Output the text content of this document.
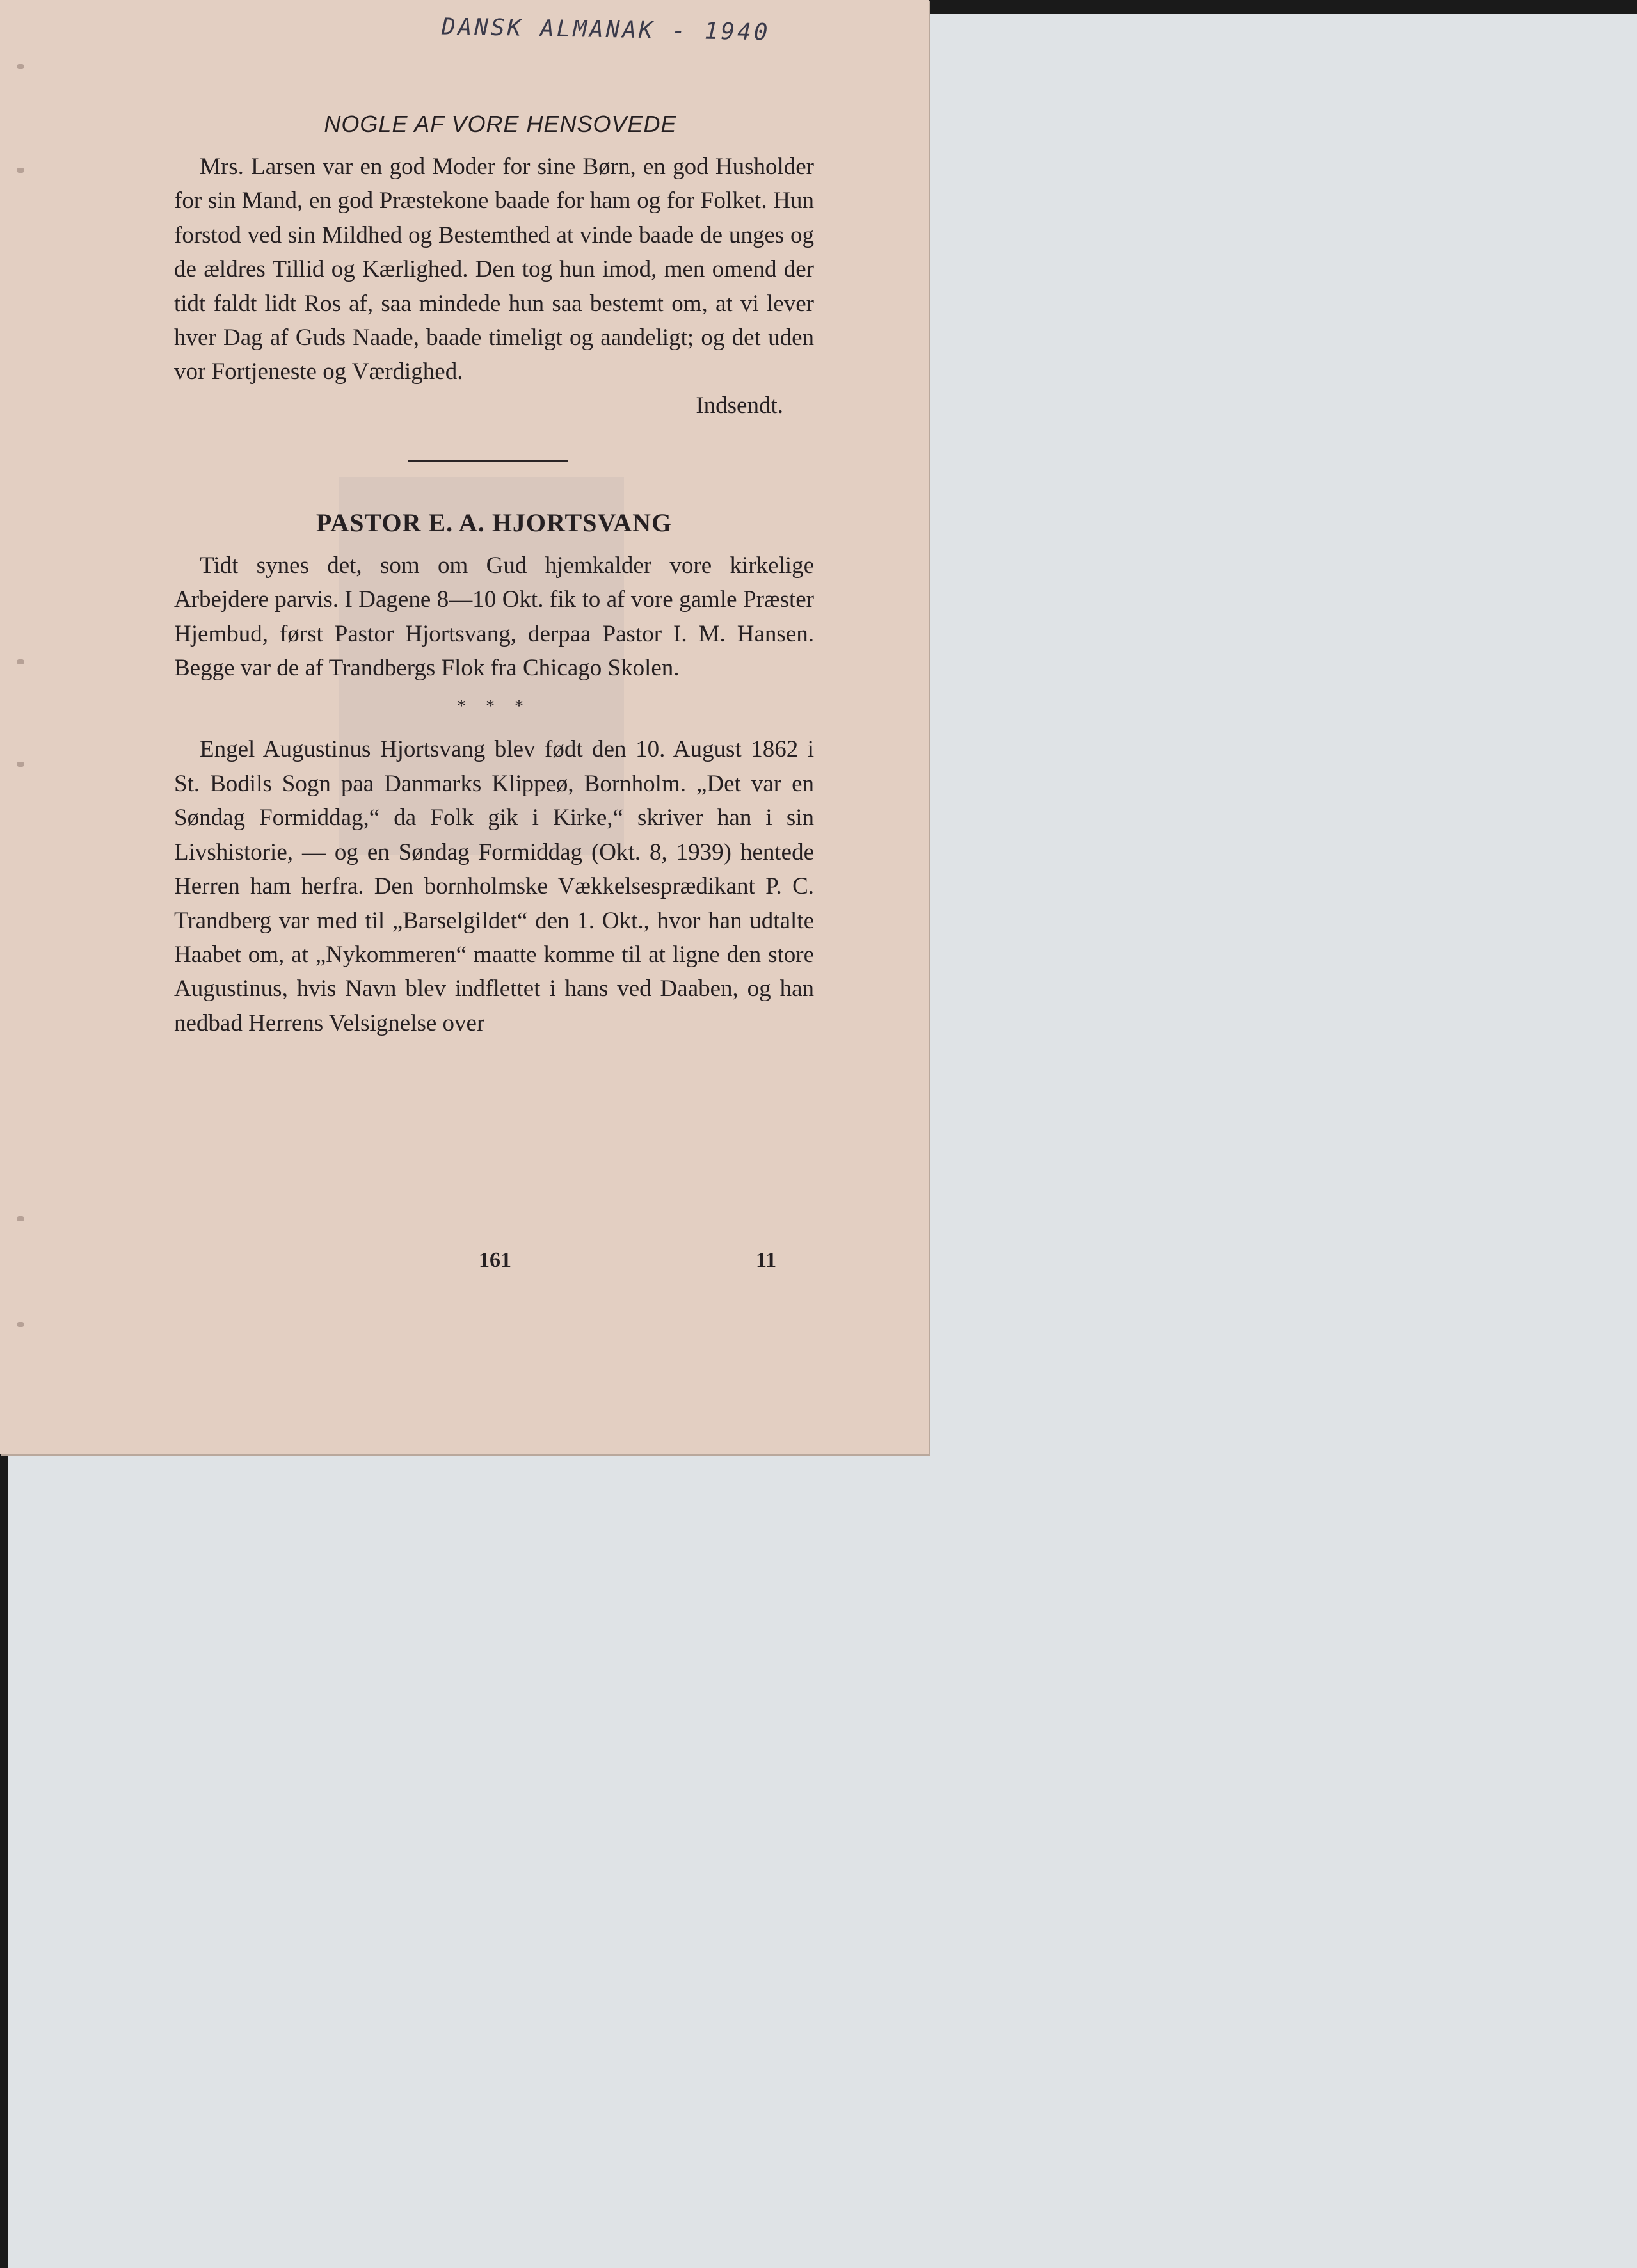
DANSK ALMANAK - 1940
NOGLE AF VORE HENSOVEDE

Mrs. Larsen var en god Moder for sine Børn, en god Husholder for sin Mand, en god Præstekone baade for ham og for Folket. Hun forstod ved sin Mildhed og Bestemthed at vinde baade de unges og de ældres Tillid og Kærlighed. Den tog hun imod, men omend der tidt faldt lidt Ros af, saa mindede hun saa bestemt om, at vi lever hver Dag af Guds Naade, baade timeligt og aandeligt; og det uden vor Fortjeneste og Værdighed.

Indsendt.
PASTOR E. A. HJORTSVANG

Tidt synes det, som om Gud hjemkalder vore kirkelige Arbejdere parvis. I Dagene 8—10 Okt. fik to af vore gamle Præster Hjembud, først Pastor Hjortsvang, derpaa Pastor I. M. Hansen. Begge var de af Trandbergs Flok fra Chicago Skolen.

* * *

Engel Augustinus Hjortsvang blev født den 10. August 1862 i St. Bodils Sogn paa Danmarks Klippeø, Bornholm. „Det var en Søndag Formiddag,“ da Folk gik i Kirke,“ skriver han i sin Livshistorie, — og en Søndag Formiddag (Okt. 8, 1939) hentede Herren ham herfra. Den bornholmske Vækkelsesprædikant P. C. Trandberg var med til „Barselgildet“ den 1. Okt., hvor han udtalte Haabet om, at „Nykommeren“ maatte komme til at ligne den store Augustinus, hvis Navn blev indflettet i hans ved Daaben, og han nedbad Herrens Velsignelse over

161	11
